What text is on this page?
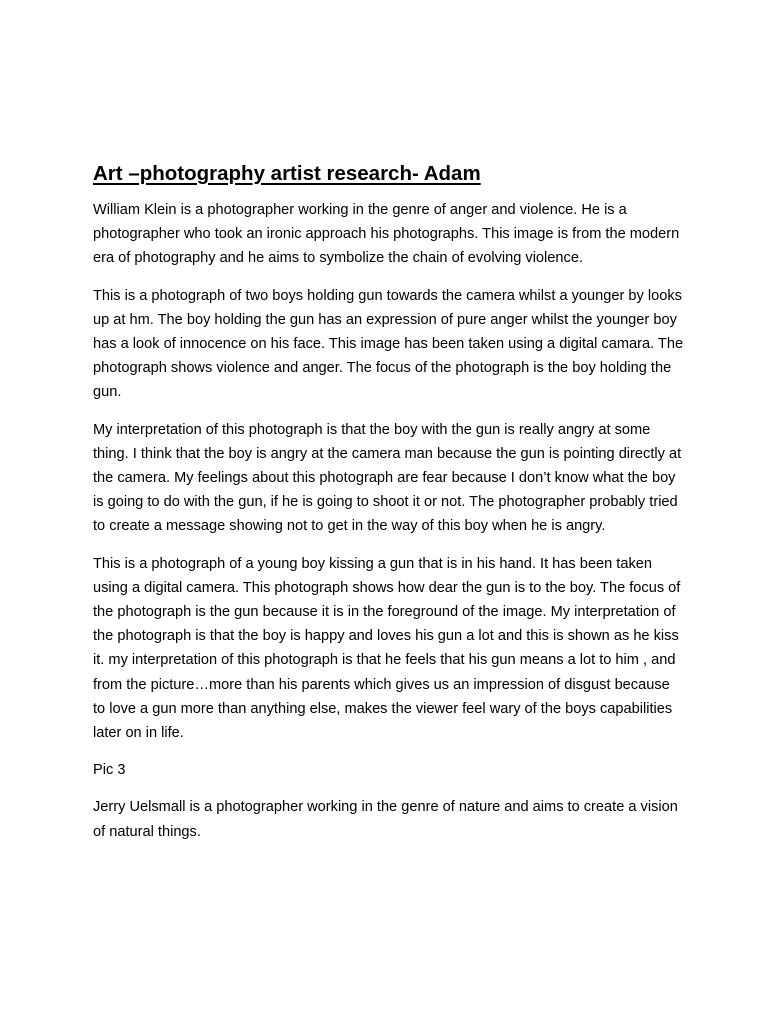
Art –photography artist research- Adam

William Klein is a photographer working in the genre of anger and violence. He is a photographer who took an ironic approach his photographs. This image is from the modern era of photography and he aims to symbolize the chain of evolving violence.

This is a photograph of two boys holding gun towards the camera whilst a younger by looks up at hm. The boy holding the gun has an expression of pure anger whilst the younger boy has a look of innocence on his face. This image has been taken using a digital camara. The photograph shows violence and anger. The focus of the photograph is the boy holding the gun.

My interpretation of this photograph is that the boy with the gun is really angry at some thing. I think that the boy is angry at the camera man because the gun is pointing directly at the camera. My feelings about this photograph are fear because I don’t know what the boy is going to do with the gun, if he is going to shoot it or not. The photographer probably tried to create a message showing not to get in the way of this boy when he is angry.

This is a photograph of a young boy kissing a gun that is in his hand. It has been taken using a digital camera. This photograph shows how dear the gun is to the boy. The focus of the photograph is the gun because it is in the foreground of the image. My interpretation of the photograph is that the boy is happy and loves his gun a lot and this is shown as he kiss it. my interpretation of this photograph is that he feels that his gun means a lot to him , and from the picture…more than his parents which gives us an impression of disgust because to love a gun more than anything else, makes the viewer feel wary of the boys capabilities later on in life.

Pic 3

Jerry Uelsmall is a photographer working in the genre of nature and aims to create a vision of natural things.
